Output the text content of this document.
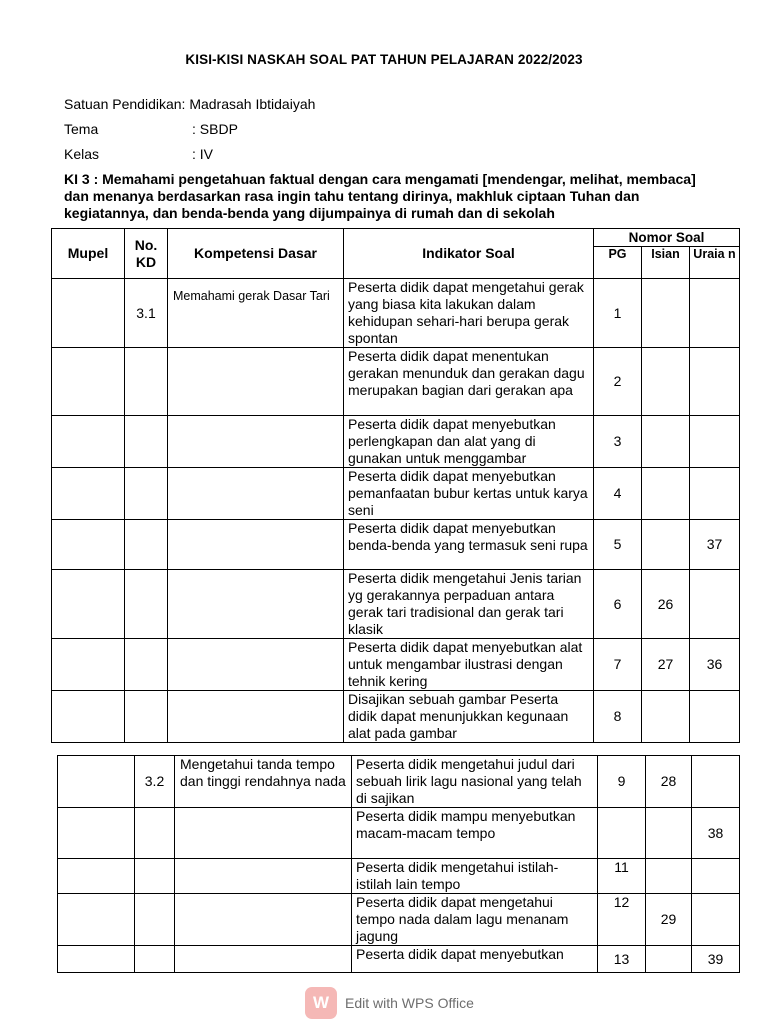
KISI-KISI NASKAH SOAL PAT TAHUN PELAJARAN 2022/2023
Satuan Pendidikan: Madrasah Ibtidaiyah
Tema	: SBDP
Kelas	: IV
KI 3 : Memahami pengetahuan faktual dengan cara mengamati [mendengar, melihat, membaca] dan menanya berdasarkan rasa ingin tahu tentang dirinya, makhluk ciptaan Tuhan dan kegiatannya, dan benda-benda yang dijumpainya di rumah dan di sekolah
Mupel	No. KD	Kompetensi Dasar	Indikator Soal	Nomor Soal		
				PG	Isian	Uraia n
	3.1	Memahami gerak Dasar Tari	Peserta didik dapat mengetahui gerak yang biasa kita lakukan dalam kehidupan sehari-hari berupa gerak spontan	1		
			Peserta didik dapat menentukan gerakan menunduk dan gerakan dagu merupakan bagian dari gerakan apa	2		
			Peserta didik dapat menyebutkan perlengkapan dan alat yang di gunakan untuk menggambar	3		
			Peserta didik dapat menyebutkan pemanfaatan bubur kertas untuk karya seni	4		
			Peserta didik dapat menyebutkan benda-benda yang termasuk seni rupa	5		37
			Peserta didik mengetahui Jenis tarian yg gerakannya perpaduan antara gerak tari tradisional dan gerak tari klasik	6	26	
			Peserta didik dapat menyebutkan alat untuk mengambar ilustrasi dengan tehnik kering	7	27	36
			Disajikan sebuah gambar Peserta didik dapat menunjukkan kegunaan alat pada gambar	8		
	3.2	Mengetahui tanda tempo dan tinggi rendahnya nada	Peserta didik mengetahui judul dari sebuah lirik lagu nasional yang telah di sajikan	9	28	
			Peserta didik mampu menyebutkan macam-macam tempo			38
			Peserta didik mengetahui istilah-istilah lain tempo	11		
			Peserta didik dapat mengetahui tempo nada dalam lagu menanam jagung	12	29	
			Peserta didik dapat menyebutkan	13		39
W	Edit with WPS Office
